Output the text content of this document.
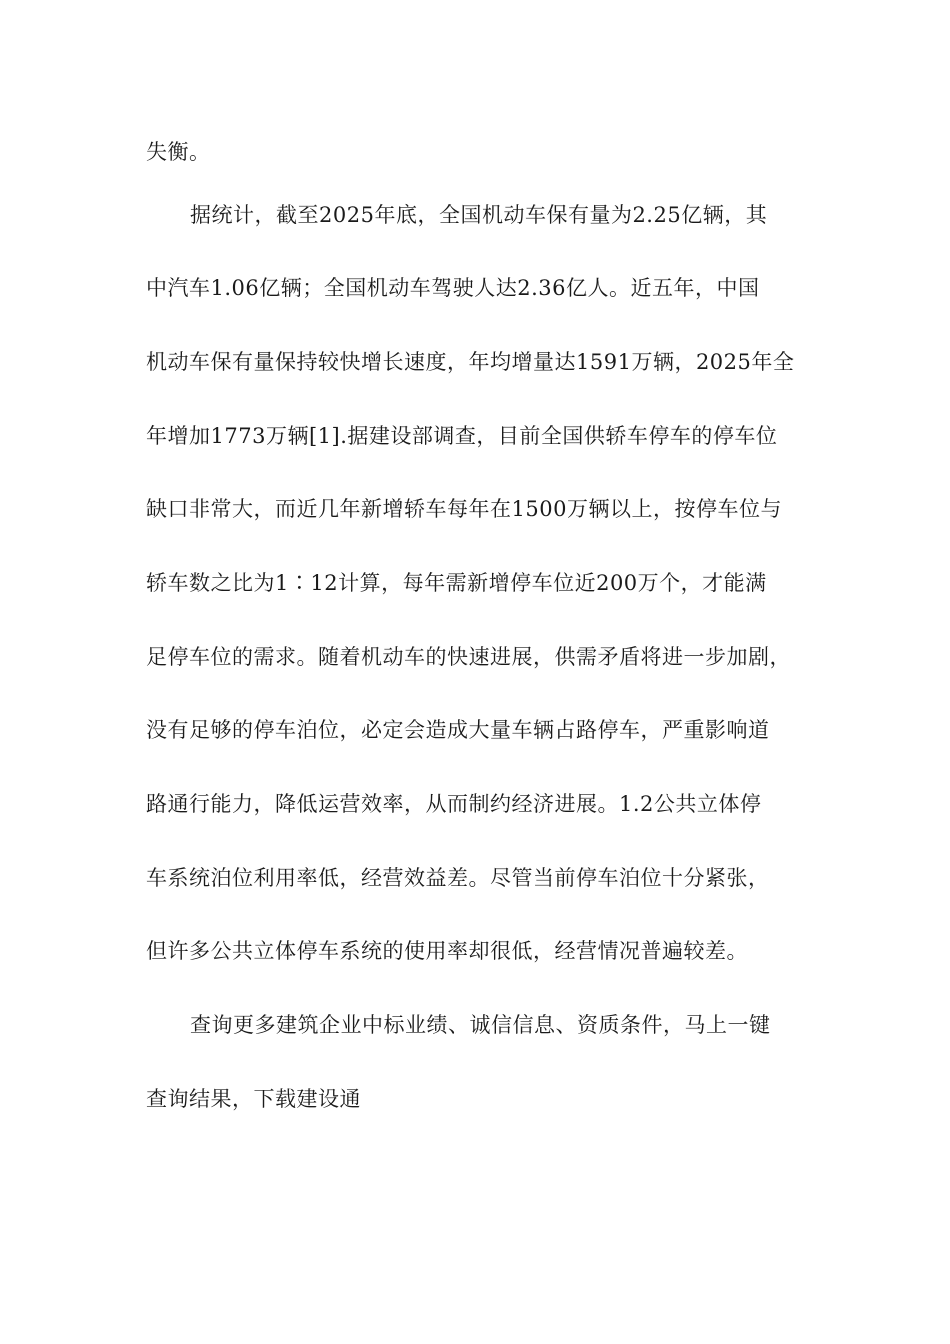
失衡。
据统计，截至2025年底，全国机动车保有量为2.25亿辆，其
中汽车1.06亿辆；全国机动车驾驶人达2.36亿人。近五年，中国
机动车保有量保持较快增长速度，年均增量达1591万辆，2025年全
年增加1773万辆[1].据建设部调查，目前全国供轿车停车的停车位
缺口非常大，而近几年新增轿车每年在1500万辆以上，按停车位与
轿车数之比为1∶12计算，每年需新增停车位近200万个，才能满
足停车位的需求。随着机动车的快速进展，供需矛盾将进一步加剧，
没有足够的停车泊位，必定会造成大量车辆占路停车，严重影响道
路通行能力，降低运营效率，从而制约经济进展。1.2公共立体停
车系统泊位利用率低，经营效益差。尽管当前停车泊位十分紧张，
但许多公共立体停车系统的使用率却很低，经营情况普遍较差。
查询更多建筑企业中标业绩、诚信信息、资质条件，马上一键
查询结果，下载建设通
